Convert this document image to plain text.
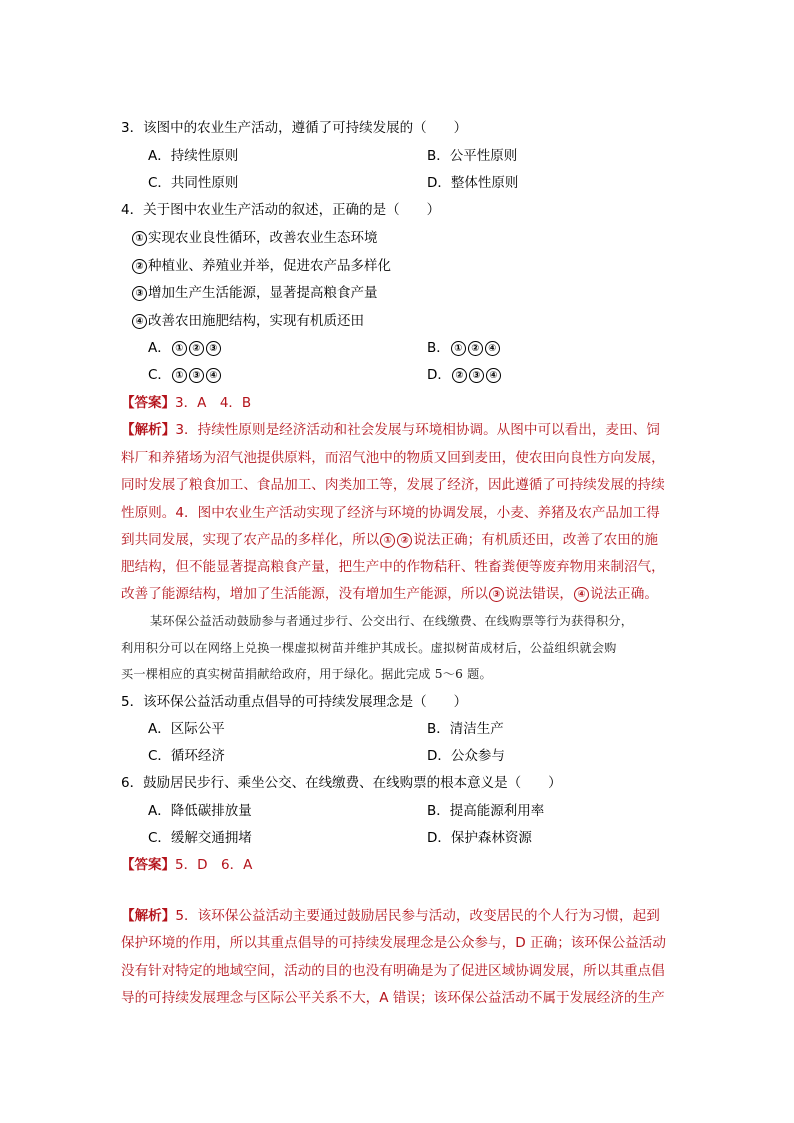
3．该图中的农业生产活动，遵循了可持续发展的（　　）
A．持续性原则	B．公平性原则
C．共同性原则	D．整体性原则
4．关于图中农业生产活动的叙述，正确的是（　　）
① 实现农业良性循环，改善农业生态环境
② 种植业、养殖业并举，促进农产品多样化
③ 增加生产生活能源，显著提高粮食产量
④ 改善农田施肥结构，实现有机质还田
A． ① ② ③	B． ① ② ④
C． ① ③ ④	D． ② ③ ④
【答案】3．A　4．B
【解析】3．持续性原则是经济活动和社会发展与环境相协调。从图中可以看出，麦田、饲
料厂和养猪场为沼气池提供原料，而沼气池中的物质又回到麦田，使农田向良性方向发展，
同时发展了粮食加工、食品加工、肉类加工等，发展了经济，因此遵循了可持续发展的持续
性原则。4．图中农业生产活动实现了经济与环境的协调发展，小麦、养猪及农产品加工得
到共同发展，实现了农产品的多样化，所以 ① ② 说法正确；有机质还田，改善了农田的施
肥结构，但不能显著提高粮食产量，把生产中的作物秸秆、牲畜粪便等废弃物用来制沼气，
改善了能源结构，增加了生活能源，没有增加生产能源，所以 ③ 说法错误， ④ 说法正确。
某环保公益活动鼓励参与者通过步行、公交出行、在线缴费、在线购票等行为获得积分，
利用积分可以在网络上兑换一棵虚拟树苗并维护其成长。虚拟树苗成材后，公益组织就会购
买一棵相应的真实树苗捐献给政府，用于绿化。据此完成 5～6 题。
5．该环保公益活动重点倡导的可持续发展理念是（　　）
A．区际公平	B．清洁生产
C．循环经济	D．公众参与
6．鼓励居民步行、乘坐公交、在线缴费、在线购票的根本意义是（　　）
A．降低碳排放量	B．提高能源利用率
C．缓解交通拥堵	D．保护森林资源
【答案】5．D　6．A
【解析】5．该环保公益活动主要通过鼓励居民参与活动，改变居民的个人行为习惯，起到
保护环境的作用，所以其重点倡导的可持续发展理念是公众参与，D 正确；该环保公益活动
没有针对特定的地域空间，活动的目的也没有明确是为了促进区域协调发展，所以其重点倡
导的可持续发展理念与区际公平关系不大，A 错误；该环保公益活动不属于发展经济的生产
